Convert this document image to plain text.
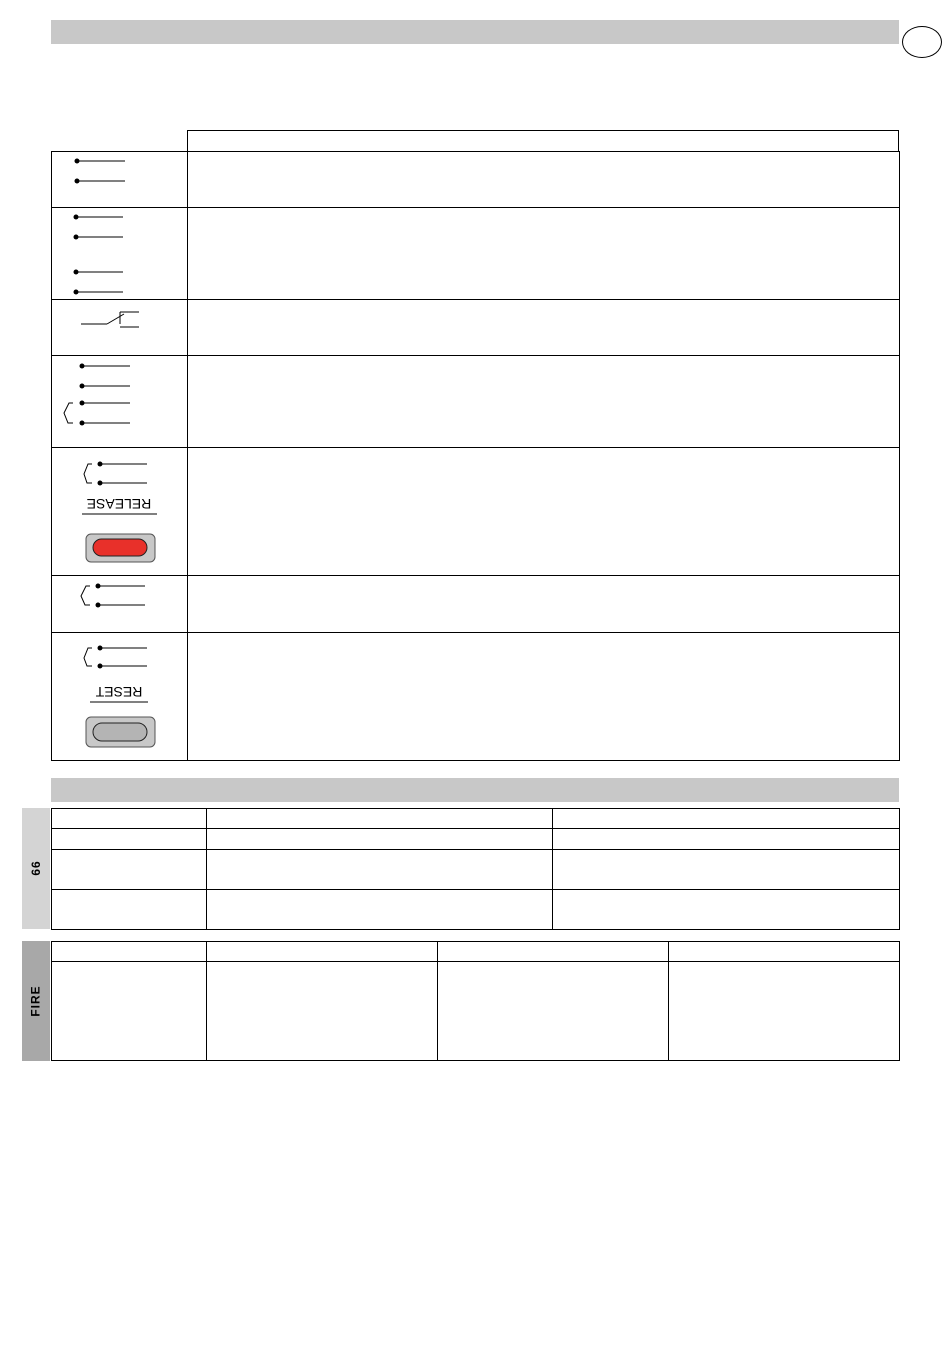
RELEASE	

RESET	

99

FIRE
